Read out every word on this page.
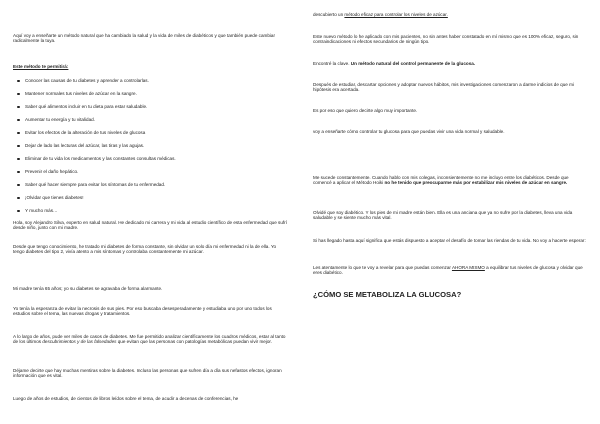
Aquí voy a enseñarte un método natural que ha cambiado la salud y la vida de miles de diabéticos y que también puede cambiar radicalmente la tuya.

Este método te permitirá:

Conocer las causas de tu diabetes y aprender a controlarlas.
Mantener normales tus niveles de azúcar en la sangre.
Saber qué alimentos incluir en tu dieta para estar saludable.
Aumentar tu energía y tu vitalidad.
Evitar los efectos de la alteración de tus niveles de glucosa
Dejar de lado las lecturas del azúcar, las tiras y las agujas.
Eliminar de tu vida los medicamentos y las constantes consultas médicas.
Prevenir el daño hepático.
Saber qué hacer siempre para evitar los síntomas de tu enfermedad.
¡Olvidar que tienes diabetes!
Y mucho más…

Hola, soy Alejandro Silva, experto en salud natural. He dedicado mi carrera y mi vida al estudio científico de esta enfermedad que sufrí desde niño, junto con mi madre.

Desde que tengo conocimiento, he tratado mi diabetes de forma constante, sin olvidar un solo día mi enfermedad ni la de ella. Yo tengo diabetes del tipo 2, vivía atento a mis síntomas y controlaba constantemente mi azúcar.

Mi madre tenía 65 años; yo su diabetes se agravaba de forma alarmante.

Yo tenía la esperanza de evitar la necrosis de sus pies. Por eso buscaba desesperadamente y estudiaba uno por uno todos los estudios sobre el tema, las nuevas drogas y tratamientos.

A lo largo de años, pude ver miles de casos de diabetes. Me fue permitido analizar científicamente los cuadros médicos, estar al tanto de los últimos descubrimientos y de las falsedades que evitan que las personas con patologías metabólicas puedan vivir mejor.

Déjame decirte que hay muchas mentiras sobre la diabetes. Incluso las personas que sufren día a día sus nefastos efectos, ignoran información que es vital.

Luego de años de estudios, de cientos de libros leídos sobre el tema, de acudir a decenas de conferencias, he

descubierto un método eficaz para controlar los niveles de azúcar.

Este nuevo método lo he aplicado con mis pacientes, no sin antes haber constatado en mí mismo que es 100% eficaz, seguro, sin contraindicaciones ni efectos secundarios de ningún tipo.

Encontré la clave. Un método natural del control permanente de la glucosa.

Después de estudiar, descartar opciones y adoptar nuevos hábitos, mis investigaciones comenzaron a darme indicios de que mi hipótesis era acertada.

Es por eso que quiero decirte algo muy importante.

voy a enseñarte cómo controlar tu glucosa para que puedas vivir una vida normal y saludable.

Me sucede constantemente. Cuando hablo con mis colegas, inconsientemente no me incluyo entre los diabéticos. Desde que comencé a aplicar el Método Hoiki no he tenido que preocuparme más por estabilizar mis niveles de azúcar en sangre.

Olvidé que soy diabético. Y los pies de mi madre están bien. Ella es una anciana que ya no sufre por la diabetes, lleva una vida saludable y se siente mucho más vital.

Si has llegado hasta aquí significa que estás dispuesto a aceptar el desafío de tomar las riendas de tu vida. No voy a hacerte esperar:

Les atentamente lo que te voy a revelar para que puedas comenzar AHORA MISMO a equilibrar tus niveles de glucosa y olvidar que eres diabético.

¿CÓMO SE METABOLIZA LA GLUCOSA?
